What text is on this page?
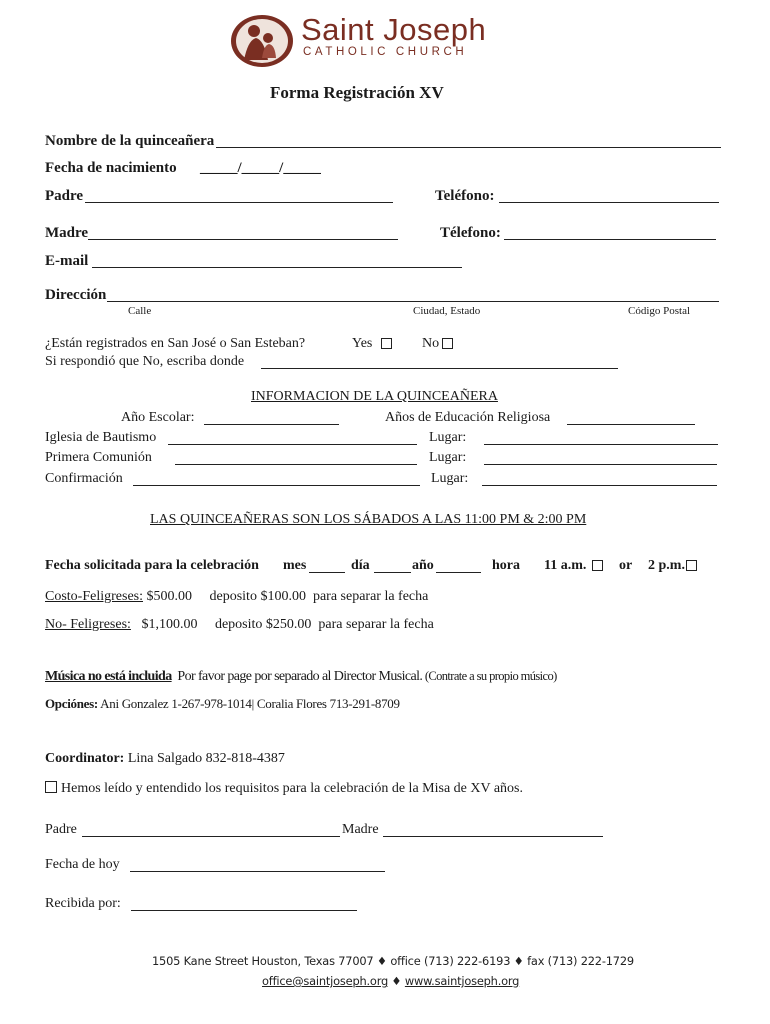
Saint Joseph
CATHOLIC CHURCH
Forma Registración XV
Nombre de la quinceañera
Fecha de nacimiento _____/_____/_____
Padre	Teléfono:
Madre	Télefono:
E-mail
Dirección
Calle	Ciudad, Estado	Código Postal
¿Están registrados en San José o San Esteban?	Yes	No
Si respondió que No, escriba donde
INFORMACION DE LA QUINCEAÑERA
Año Escolar:	Años de Educación Religiosa
Iglesia de Bautismo	Lugar:
Primera Comunión	Lugar:
Confirmación	Lugar:
LAS QUINCEAÑERAS SON LOS SÁBADOS A LAS 11:00 PM & 2:00 PM
Fecha solicitada para la celebración mes	día	año	hora 11 a.m.	or 2 p.m.
Costo-Feligreses: $500.00     deposito $100.00  para separar la fecha
No- Feligreses:   $1,100.00     deposito $250.00  para separar la fecha
Música no está incluida  Por favor page por separado al Director Musical. (Contrate a su propio músico)
Opciónes: Ani Gonzalez 1-267-978-1014| Coralia Flores 713-291-8709
Coordinator: Lina Salgado 832-818-4387
Hemos leído y entendido los requisitos para la celebración de la Misa de XV años.
Padre	Madre
Fecha de hoy
Recibida por:
1505 Kane Street Houston, Texas 77007 ♦ office (713) 222-6193 ♦ fax (713) 222-1729
office@saintjoseph.org ♦ www.saintjoseph.org
